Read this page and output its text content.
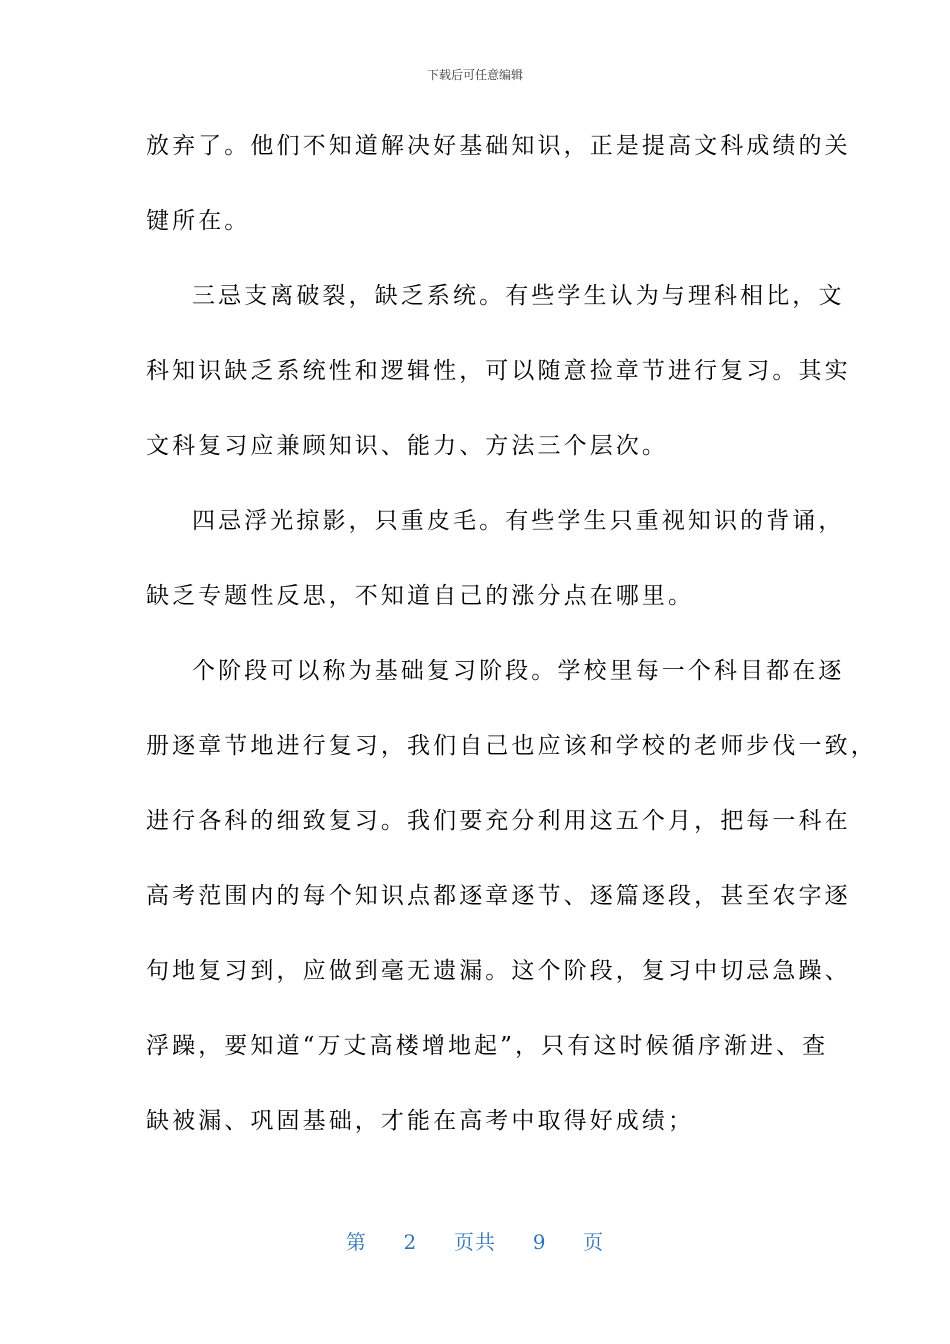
下载后可任意编辑
放弃了。他们不知道解决好基础知识，正是提高文科成绩的关
键所在。
三忌支离破裂，缺乏系统。有些学生认为与理科相比，文
科知识缺乏系统性和逻辑性，可以随意捡章节进行复习。其实
文科复习应兼顾知识、能力、方法三个层次。
四忌浮光掠影，只重皮毛。有些学生只重视知识的背诵，
缺乏专题性反思，不知道自己的涨分点在哪里。
个阶段可以称为基础复习阶段。学校里每一个科目都在逐
册逐章节地进行复习，我们自己也应该和学校的老师步伐一致，
进行各科的细致复习。我们要充分利用这五个月，把每一科在
高考范围内的每个知识点都逐章逐节、逐篇逐段，甚至农字逐
句地复习到，应做到毫无遗漏。这个阶段，复习中切忌急躁、
浮躁，要知道“万丈高楼增地起”，只有这时候循序渐进、查
缺被漏、巩固基础，才能在高考中取得好成绩；
第 2 页共 9 页
